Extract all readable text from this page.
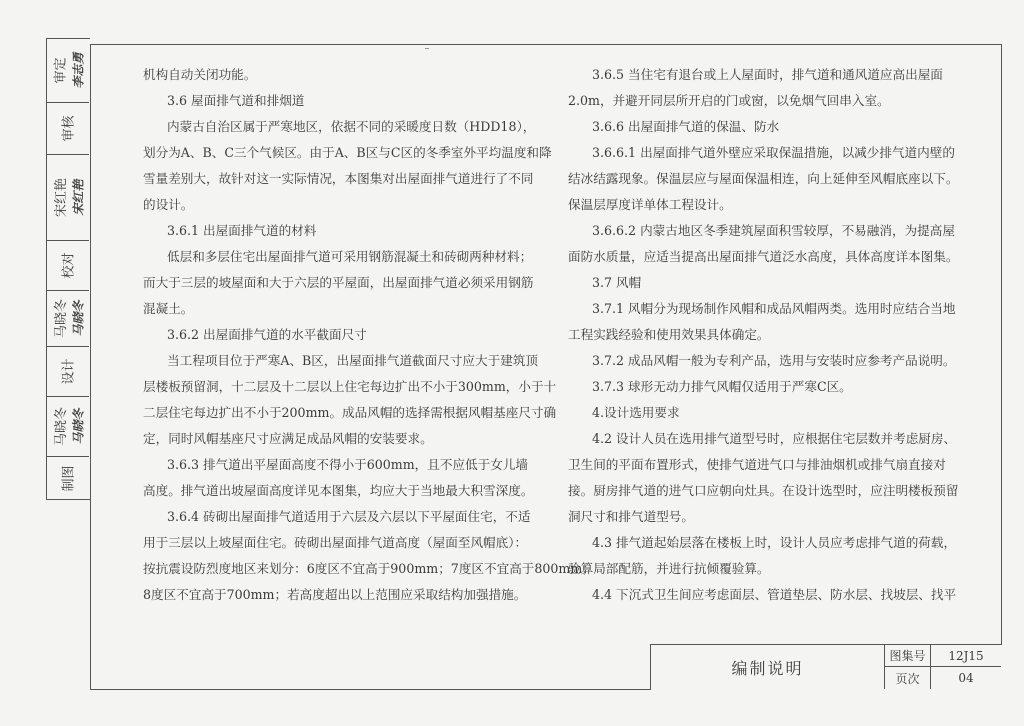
审定 李志勇
审核
宋红艳 宋红艳
校对
马晓冬 马晓冬
设计
马晓冬 马晓冬
制图

机构自动关闭功能。

3.6 屋面排气道和排烟道

内蒙古自治区属于严寒地区，依据不同的采暖度日数（HDD18），

划分为A、B、C三个气候区。由于A、B区与C区的冬季室外平均温度和降

雪量差别大，故针对这一实际情况，本图集对出屋面排气道进行了不同

的设计。

3.6.1 出屋面排气道的材料

低层和多层住宅出屋面排气道可采用钢筋混凝土和砖砌两种材料；

而大于三层的坡屋面和大于六层的平屋面，出屋面排气道必须采用钢筋

混凝土。

3.6.2 出屋面排气道的水平截面尺寸

当工程项目位于严寒A、B区，出屋面排气道截面尺寸应大于建筑顶

层楼板预留洞，十二层及十二层以上住宅每边扩出不小于300mm，小于十

二层住宅每边扩出不小于200mm。成品风帽的选择需根据风帽基座尺寸确

定，同时风帽基座尺寸应满足成品风帽的安装要求。

3.6.3 排气道出平屋面高度不得小于600mm，且不应低于女儿墙

高度。排气道出坡屋面高度详见本图集，均应大于当地最大积雪深度。

3.6.4 砖砌出屋面排气道适用于六层及六层以下平屋面住宅，不适

用于三层以上坡屋面住宅。砖砌出屋面排气道高度（屋面至风帽底）：

按抗震设防烈度地区来划分：6度区不宜高于900mm；7度区不宜高于800mm；

8度区不宜高于700mm；若高度超出以上范围应采取结构加强措施。

3.6.5 当住宅有退台或上人屋面时，排气道和通风道应高出屋面

2.0m，并避开同层所开启的门或窗，以免烟气回串入室。

3.6.6 出屋面排气道的保温、防水

3.6.6.1 出屋面排气道外壁应采取保温措施，以减少排气道内壁的

结冰结露现象。保温层应与屋面保温相连，向上延伸至风帽底座以下。

保温层厚度详单体工程设计。

3.6.6.2 内蒙古地区冬季建筑屋面积雪较厚，不易融消，为提高屋

面防水质量，应适当提高出屋面排气道泛水高度，具体高度详本图集。

3.7 风帽

3.7.1 风帽分为现场制作风帽和成品风帽两类。选用时应结合当地

工程实践经验和使用效果具体确定。

3.7.2 成品风帽一般为专利产品，选用与安装时应参考产品说明。

3.7.3 球形无动力排气风帽仅适用于严寒C区。

4.设计选用要求

4.2 设计人员在选用排气道型号时，应根据住宅层数并考虑厨房、

卫生间的平面布置形式，使排气道进气口与排油烟机或排气扇直接对

接。厨房排气道的进气口应朝向灶具。在设计选型时，应注明楼板预留

洞尺寸和排气道型号。

4.3 排气道起始层落在楼板上时，设计人员应考虑排气道的荷载，

验算局部配筋，并进行抗倾覆验算。

4.4 下沉式卫生间应考虑面层、管道垫层、防水层、找坡层、找平

编制说明
图集号	12J15
页次	04
